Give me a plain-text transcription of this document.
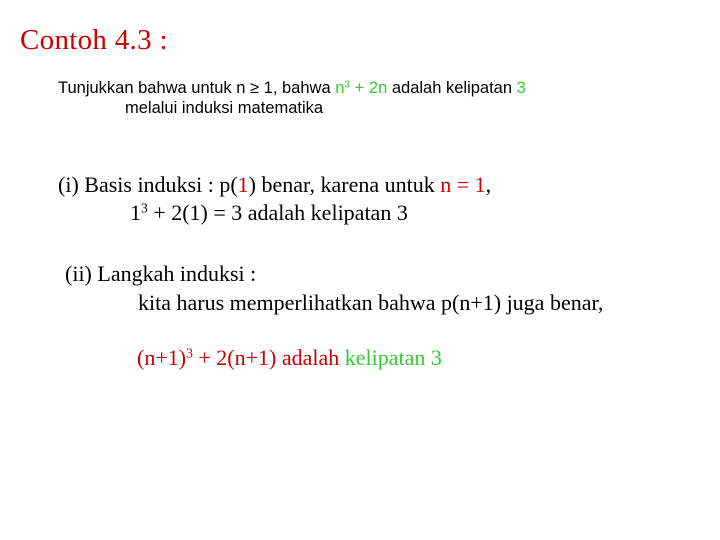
Contoh 4.3 :
Tunjukkan bahwa untuk n ≥ 1, bahwa $n^3 + 2n$ adalah kelipatan 3
melalui induksi matematika
(i) Basis induksi : p(1) benar, karena untuk n = 1,
$1^3 + 2(1) = 3$ adalah kelipatan 3
(ii) Langkah induksi :
kita harus memperlihatkan bahwa p(n+1) juga benar,
$(n+1)^3 + 2(n+1)$ adalah kelipatan 3
